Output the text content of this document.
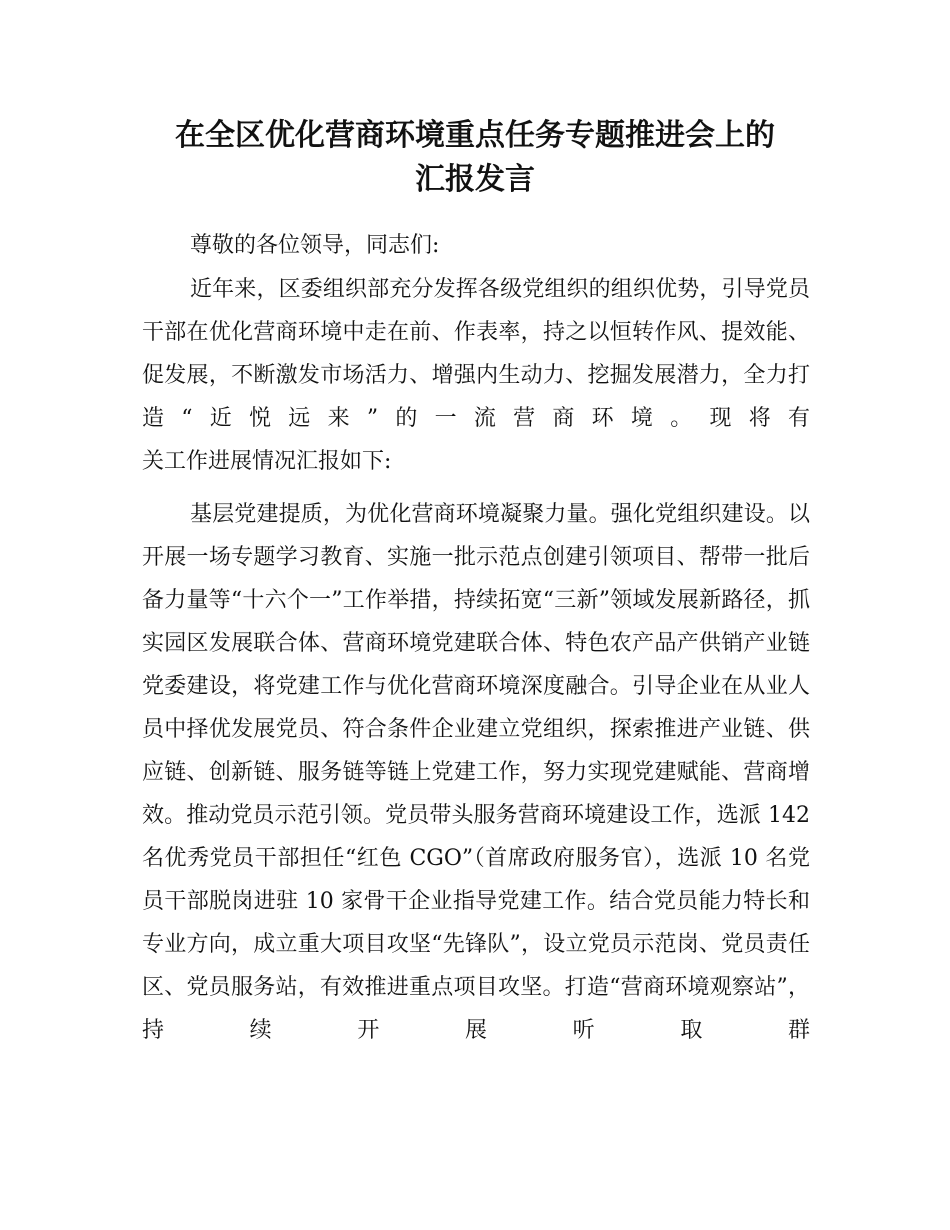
在全区优化营商环境重点任务专题推进会上的
汇报发言

尊敬的各位领导，同志们:

近年来，区委组织部充分发挥各级党组织的组织优势，引导党员干部在优化营商环境中走在前、作表率，持之以恒转作风、提效能、促发展，不断激发市场活力、增强内生动力、挖掘发展潜力，全力打造“近悦远来”的一流营商环境。现将有
关工作进展情况汇报如下:

基层党建提质，为优化营商环境凝聚力量。强化党组织建设。以开展一场专题学习教育、实施一批示范点创建引领项目、帮带一批后备力量等“十六个一”工作举措，持续拓宽“三新”领域发展新路径，抓实园区发展联合体、营商环境党建联合体、特色农产品产供销产业链党委建设，将党建工作与优化营商环境深度融合。引导企业在从业人员中择优发展党员、符合条件企业建立党组织，探索推进产业链、供应链、创新链、服务链等链上党建工作，努力实现党建赋能、营商增效。推动党员示范引领。党员带头服务营商环境建设工作，选派 142 名优秀党员干部担任“红色 CGO”（首席政府服务官），选派 10 名党员干部脱岗进驻 10 家骨干企业指导党建工作。结合党员能力特长和专业方向，成立重大项目攻坚“先锋队”，设立党员示范岗、党员责任区、党员服务站，有效推进重点项目攻坚。打造“营商环境观察站”，持续开展听取群
